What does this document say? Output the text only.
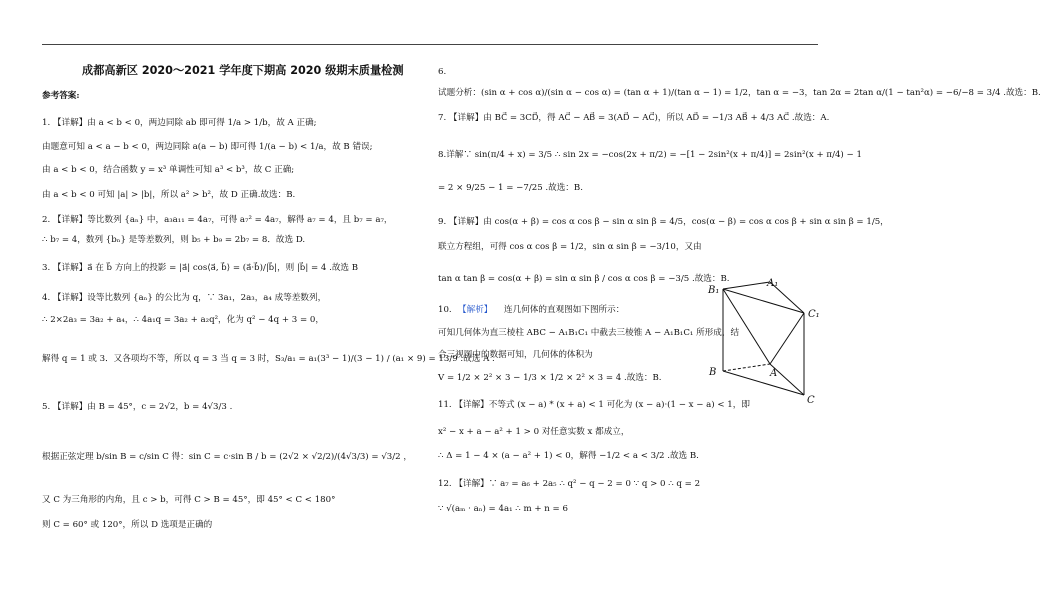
成都高新区 2020～2021 学年度下期高 2020 级期末质量检测
参考答案:
1. 【详解】由 a < b < 0，两边同除 ab 即可得 1/a > 1/b，故 A 正确;
由题意可知 a < a − b < 0，两边同除 a(a − b) 即可得 1/(a − b) < 1/a，故 B 错误;
由 a < b < 0，结合函数 y = x³ 单调性可知 a³ < b³，故 C 正确;
由 a < b < 0 可知 |a| > |b|，所以 a² > b²，故 D 正确.故选：B.
2. 【详解】等比数列 {aₙ} 中，a₃a₁₁ = 4a₇，可得 a₇² = 4a₇，解得 a₇ = 4，且 b₇ = a₇，
∴ b₇ = 4，数列 {bₙ} 是等差数列，则 b₅ + b₉ = 2b₇ = 8．故选 D.
3. 【详解】a⃗ 在 b⃗ 方向上的投影 = |a⃗| cos⟨a⃗, b⃗⟩ = (a⃗·b⃗)/|b⃗|，则 |b⃗| = 4 .故选 B
4. 【详解】设等比数列 {aₙ} 的公比为 q，∵ 3a₁，2a₃，a₄ 成等差数列，
∴ 2×2a₃ = 3a₂ + a₄，∴ 4a₁q = 3a₂ + a₂q²，化为 q² − 4q + 3 = 0，
解得 q = 1 或 3．又各项均不等，所以 q = 3 当 q = 3 时，S₃/a₁ = a₁(3³ − 1)/(3 − 1) / (a₁ × 9) = 13/9 .故选 A .
5. 【详解】由 B = 45°，c = 2√2，b = 4√3/3 .
根据正弦定理 b/sin B = c/sin C 得：sin C = c·sin B / b = (2√2 × √2/2)/(4√3/3) = √3/2 ，
又 C 为三角形的内角，且 c > b，可得 C > B = 45°，即 45° < C < 180°
则 C = 60° 或 120°，所以 D 选项是正确的
6.
试题分析：(sin α + cos α)/(sin α − cos α) = (tan α + 1)/(tan α − 1) = 1/2，tan α = −3，tan 2α = 2tan α/(1 − tan²α) = −6/−8 = 3/4 .故选：B.
7. 【详解】由 BC⃗ = 3CD⃗，得 AC⃗ − AB⃗ = 3(AD⃗ − AC⃗)，所以 AD⃗ = −1/3 AB⃗ + 4/3 AC⃗ .故选：A.
8.详解∵ sin(π/4 + x) = 3/5 ∴ sin 2x = −cos(2x + π/2) = −[1 − 2sin²(x + π/4)] = 2sin²(x + π/4) − 1
= 2 × 9/25 − 1 = −7/25 .故选：B.
9. 【详解】由 cos(α + β) = cos α cos β − sin α sin β = 4/5，cos(α − β) = cos α cos β + sin α sin β = 1/5，
联立方程组，可得 cos α cos β = 1/2，sin α sin β = −3/10，又由
tan α tan β = cos(α + β) = sin α sin β / cos α cos β = −3/5 .故选：B.
10. 【解析】 连几何体的直观图如下图所示：
可知几何体为直三棱柱 ABC − A₁B₁C₁ 中截去三棱锥 A − A₁B₁C₁ 所形成，结
合三视图中的数据可知，几何体的体积为
V = 1/2 × 2² × 3 − 1/3 × 1/2 × 2² × 3 = 4 .故选：B.
11. 【详解】不等式 (x − a) * (x + a) < 1 可化为 (x − a)·(1 − x − a) < 1，即
x² − x + a − a² + 1 > 0 对任意实数 x 都成立，
∴ Δ = 1 − 4 × (a − a² + 1) < 0，解得 −1/2 < a < 3/2 .故选 B.
12. 【详解】∵ a₇ = a₆ + 2a₅ ∴ q² − q − 2 = 0 ∵ q > 0 ∴ q = 2
∵ √(aₘ · aₙ) = 4a₁ ∴ m + n = 6
B₁
A₁
C₁
A
B
C
